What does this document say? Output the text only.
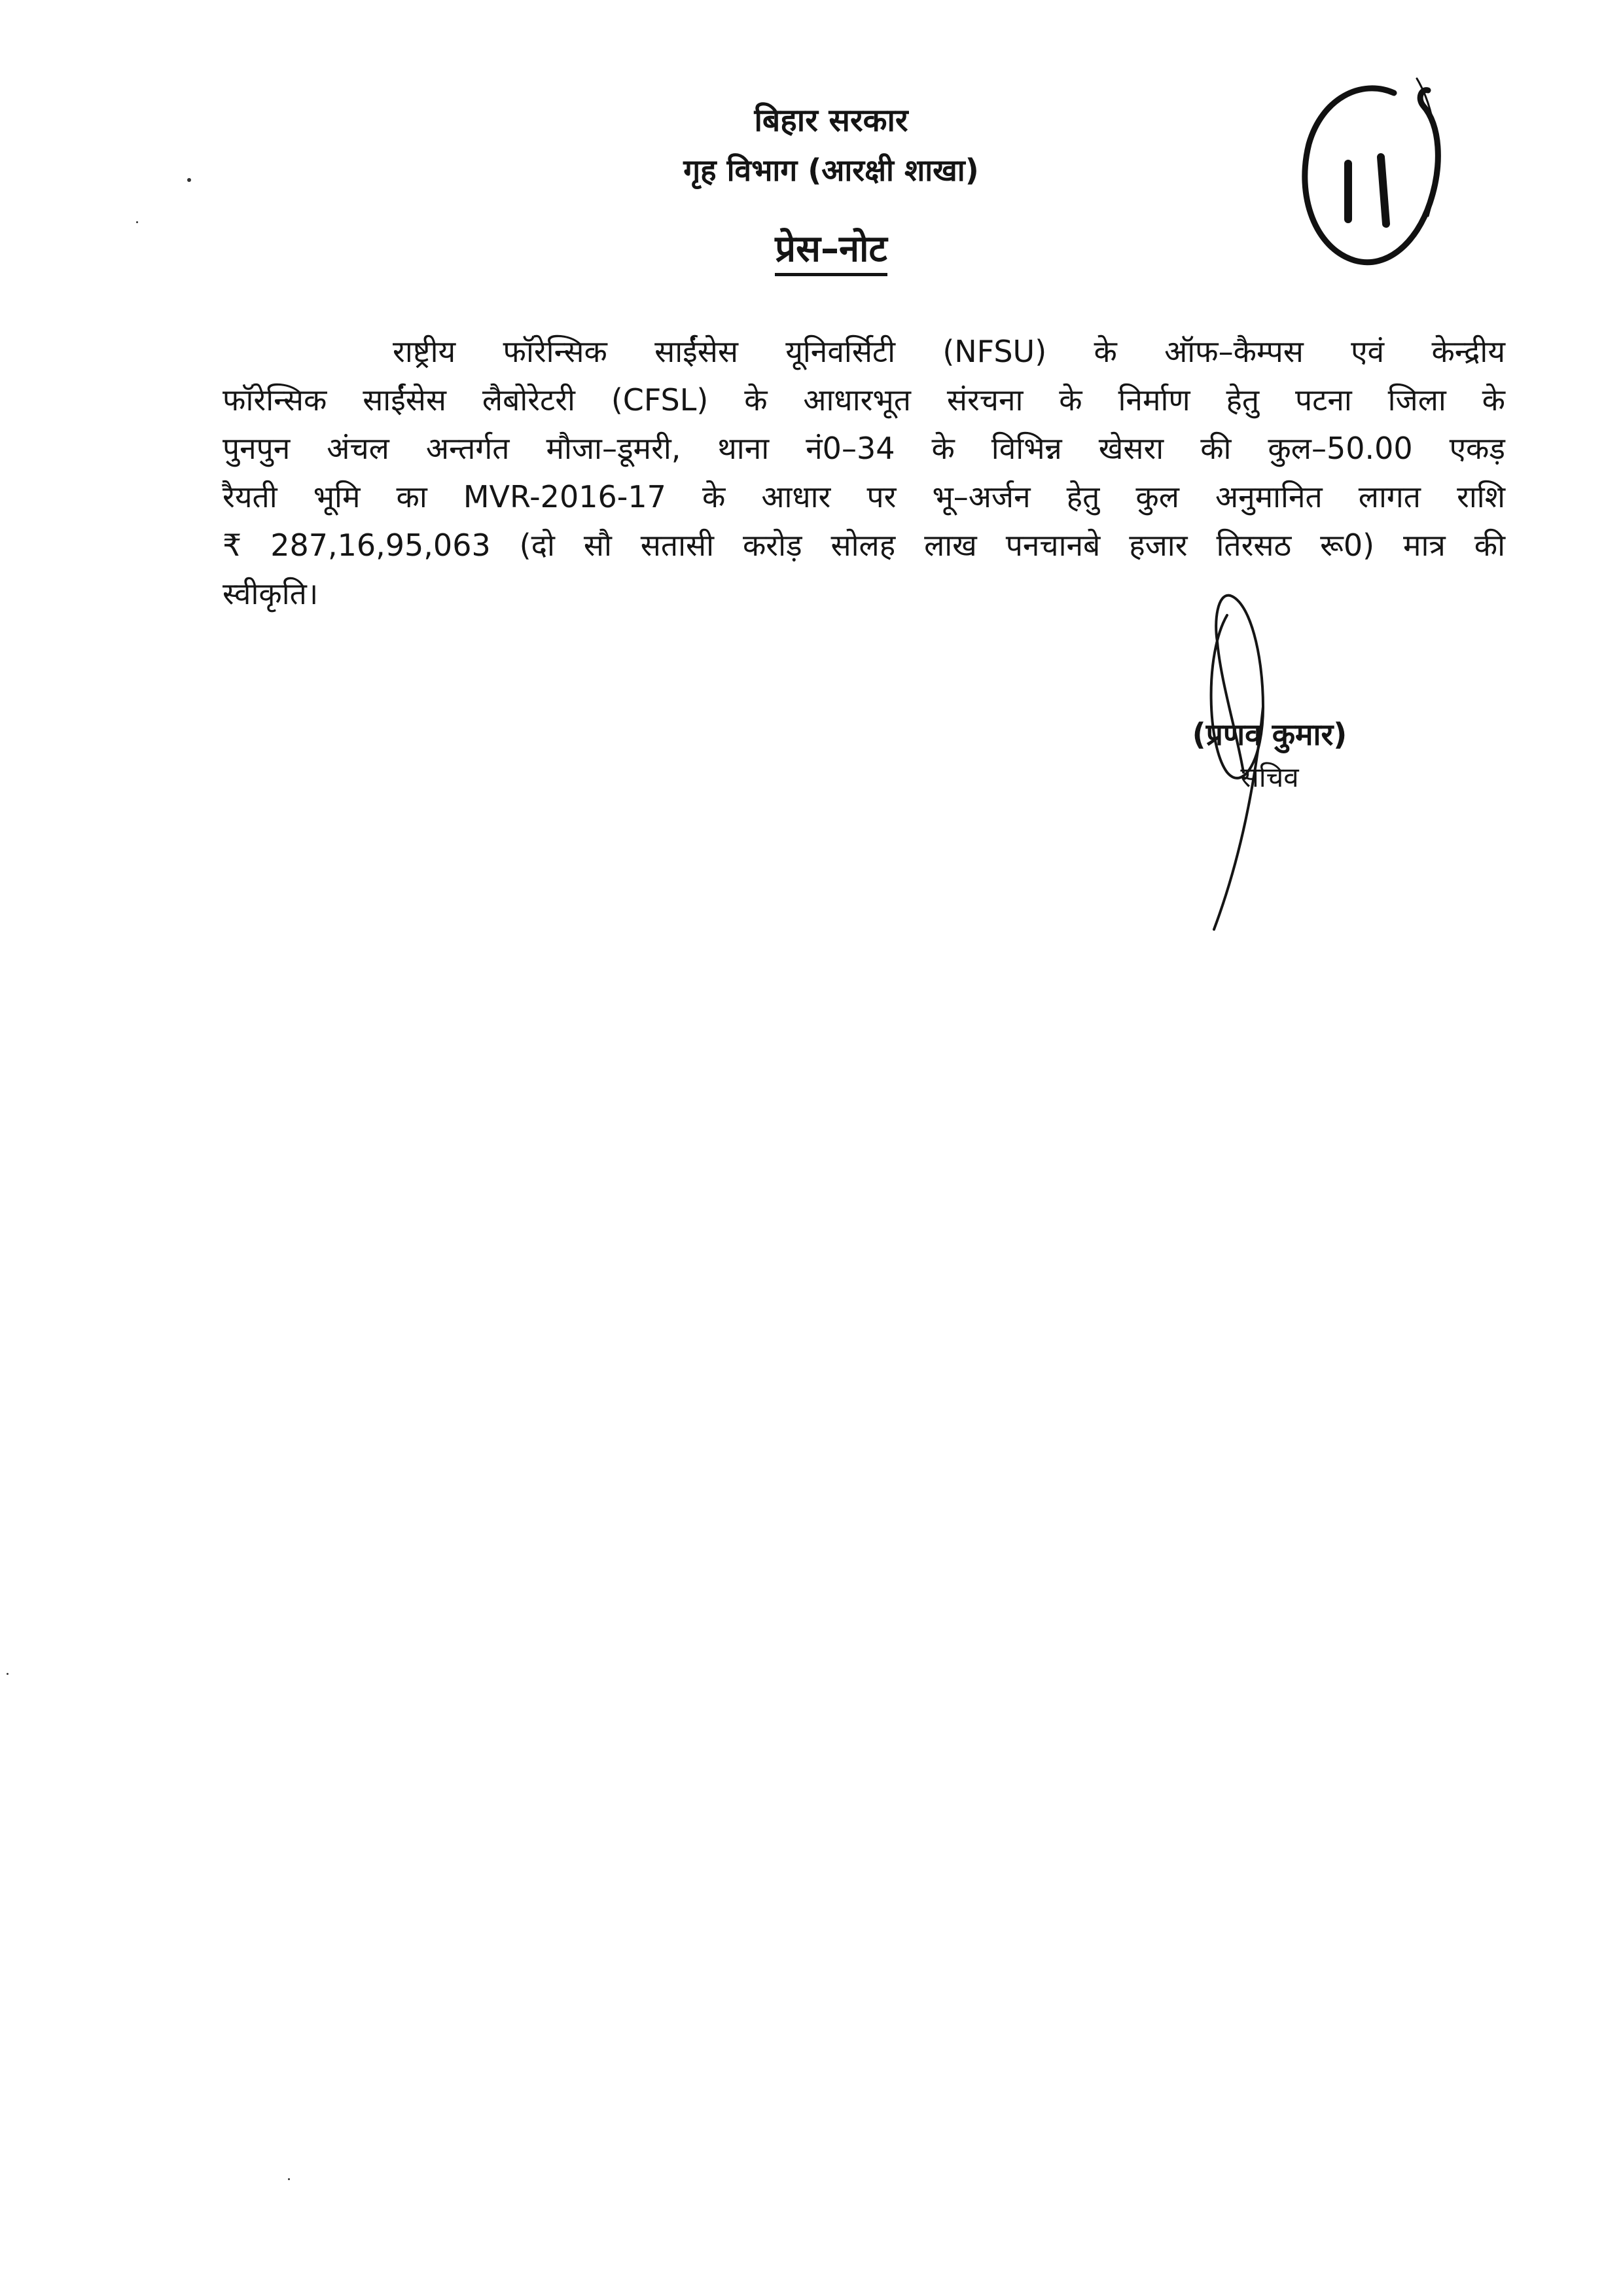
बिहार सरकार
गृह विभाग (आरक्षी शाखा)
प्रेस–नोट
राष्ट्रीय फॉरेन्सिक साईंसेस यूनिवर्सिटी (NFSU) के ऑफ–कैम्पस एवं केन्द्रीय
फॉरेन्सिक साईंसेस लैबोरेटरी (CFSL) के आधारभूत संरचना के निर्माण हेतु पटना जिला के
पुनपुन अंचल अन्तर्गत मौजा–डूमरी, थाना नं0–34 के विभिन्न खेसरा की कुल–50.00 एकड़
रैयती भूमि का MVR-2016-17 के आधार पर भू–अर्जन हेतु कुल अनुमानित लागत राशि
₹ 287,16,95,063 (दो सौ सतासी करोड़ सोलह लाख पनचानबे हजार तिरसठ रू0) मात्र की
स्वीकृति।
(प्रणव कुमार)
सचिव
